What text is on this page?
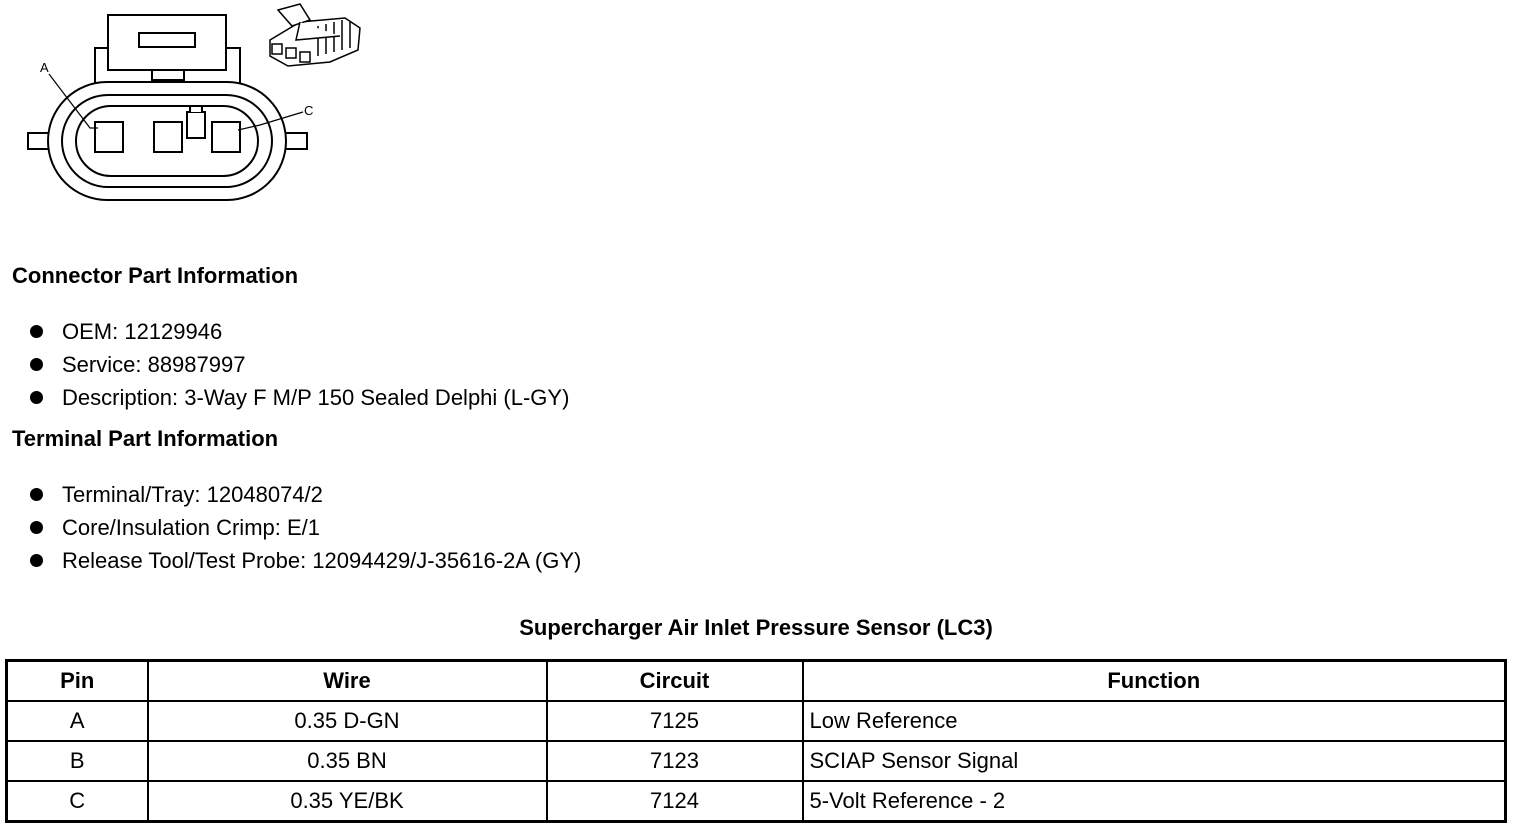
A
C
Connector Part Information
OEM: 12129946
Service: 88987997
Description: 3-Way F M/P 150 Sealed Delphi (L-GY)
Terminal Part Information
Terminal/Tray: 12048074/2
Core/Insulation Crimp: E/1
Release Tool/Test Probe: 12094429/J-35616-2A (GY)
Supercharger Air Inlet Pressure Sensor (LC3)
Pin	Wire	Circuit	Function
A	0.35 D-GN	7125	Low Reference
B	0.35 BN	7123	SCIAP Sensor Signal
C	0.35 YE/BK	7124	5-Volt Reference - 2
